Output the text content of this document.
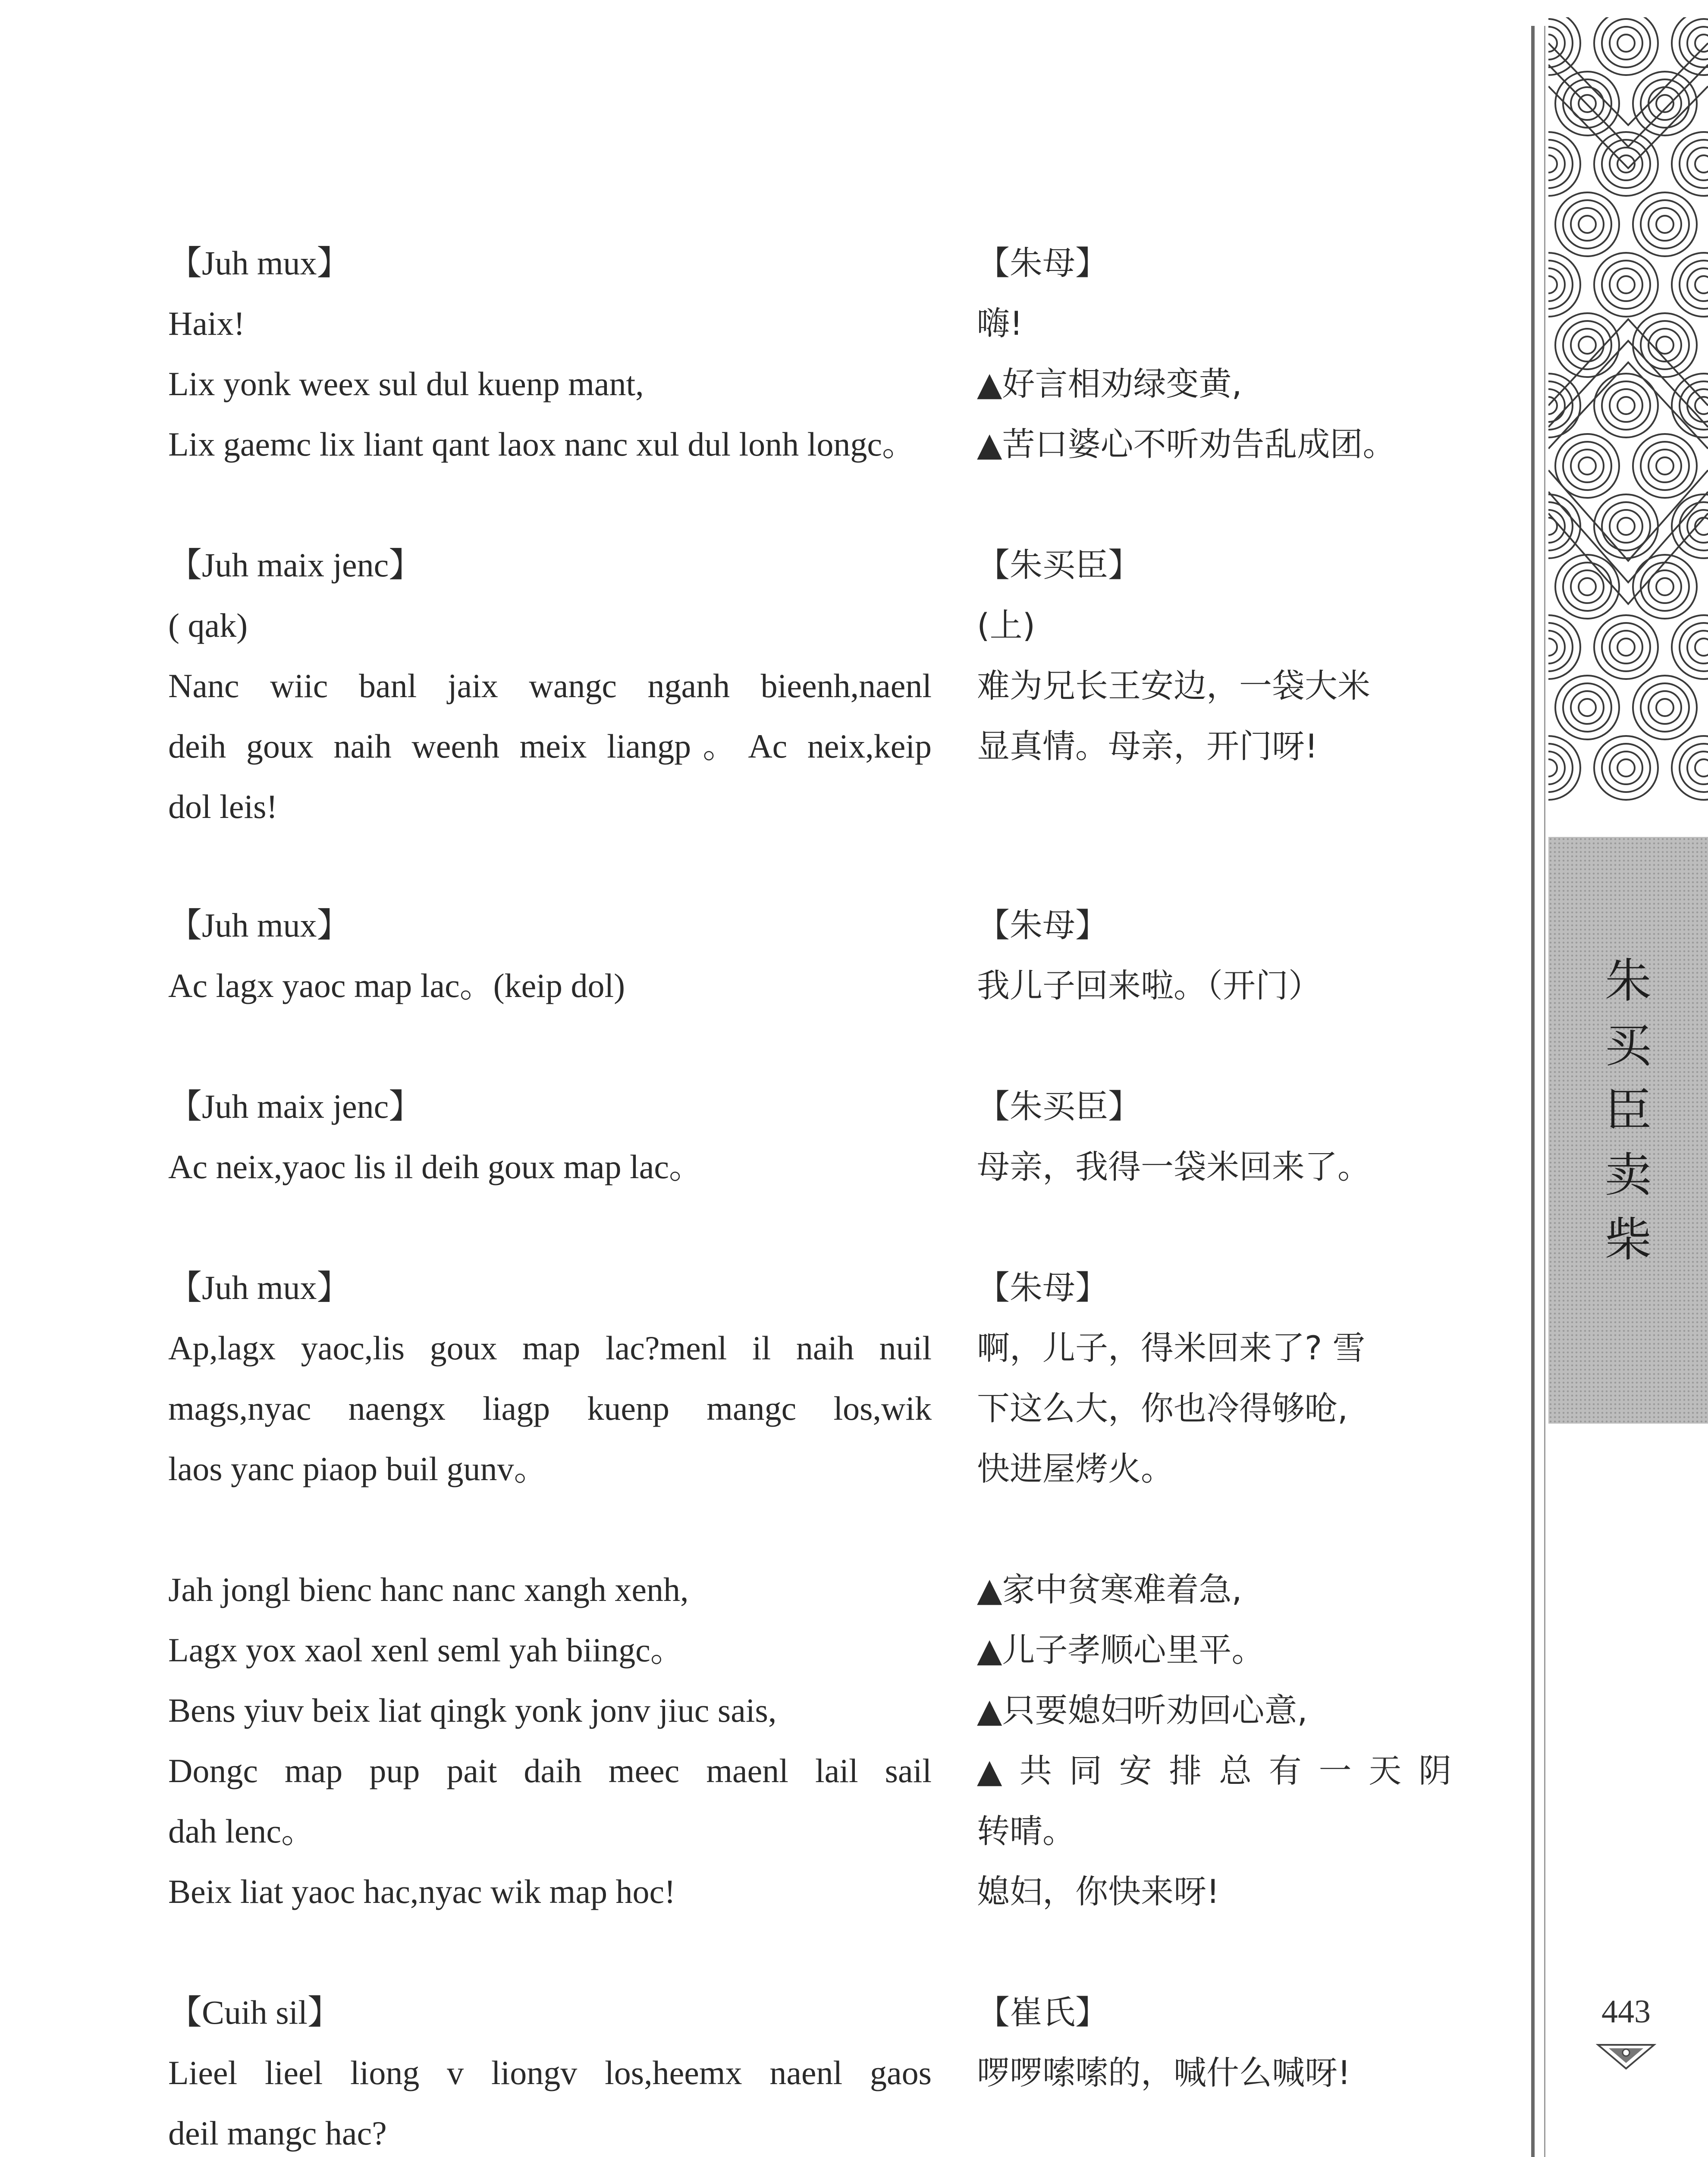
【Juh mux】
Haix!
Lix yonk weex sul dul kuenp mant,
Lix gaemc lix liant qant laox nanc xul dul lonh longc。
【Juh maix jenc】
( qak)
Nanc wiic banl jaix wangc nganh bieenh,naenl
deih goux naih weenh meix liangp。Ac neix,keip
dol leis!
【Juh mux】
Ac lagx yaoc map lac。(keip dol)
【Juh maix jenc】
Ac neix,yaoc lis il deih goux map lac。
【Juh mux】
Ap,lagx yaoc,lis goux map lac?menl il naih nuil
mags,nyac naengx liagp kuenp mangc los,wik
laos yanc piaop buil gunv。
Jah jongl bienc hanc nanc xangh xenh,
Lagx yox xaol xenl seml yah biingc。
Bens yiuv beix liat qingk yonk jonv jiuc sais,
Dongc map pup pait daih meec maenl lail sail
dah lenc。
Beix liat yaoc hac,nyac wik map hoc!
【Cuih sil】
Lieel lieel liong v liongv los,heemx naenl gaos
deil mangc hac?
【朱母】
嗨!
▲好言相劝绿变黄,
▲苦口婆心不听劝告乱成团。
【朱买臣】
(上)
难为兄长王安边，一袋大米
显真情。母亲，开门呀!
【朱母】
我儿子回来啦。（开门）
【朱买臣】
母亲，我得一袋米回来了。
【朱母】
啊，儿子，得米回来了? 雪
下这么大，你也冷得够呛,
快进屋烤火。
▲家中贫寒难着急,
▲儿子孝顺心里平。
▲只要媳妇听劝回心意,
▲共同安排总有一天阴
转晴。
媳妇，你快来呀!
【崔氏】
啰啰嗦嗦的，喊什么喊呀!
朱
买
臣
卖
柴
443
